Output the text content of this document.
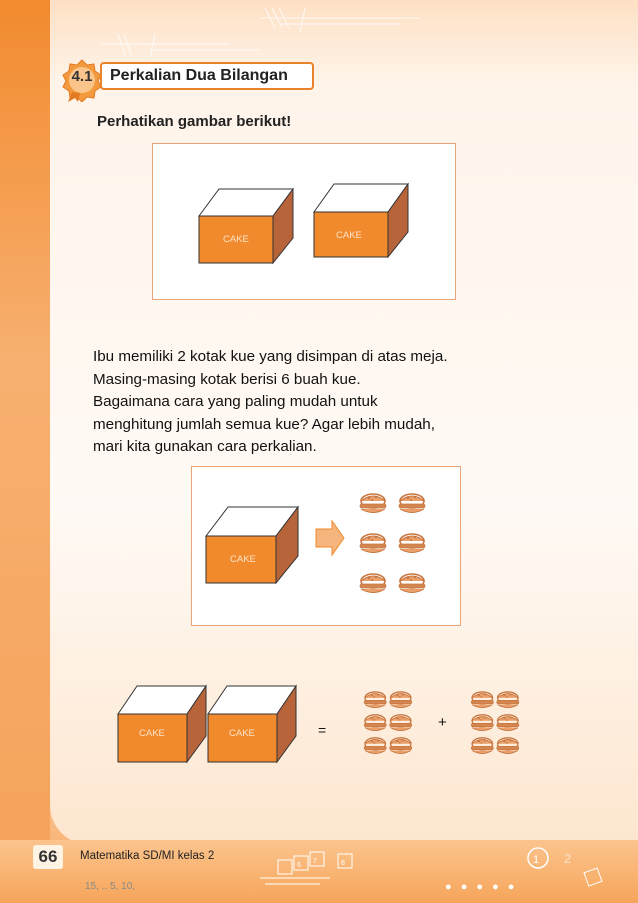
4.1	Perkalian Dua Bilangan
Perhatikan gambar berikut!
CAKE	CAKE
Ibu memiliki 2 kotak kue yang disimpan di atas meja.
Masing-masing kotak berisi 6 buah kue.
Bagaimana cara yang paling mudah untuk
menghitung jumlah semua kue? Agar lebih mudah,
mari kita gunakan cara perkalian.
CAKE
CAKE	CAKE	=	+
66	Matematika SD/MI kelas 2
6
7	8	1 2
15, .. 5, 10,	● ● ● ● ●
